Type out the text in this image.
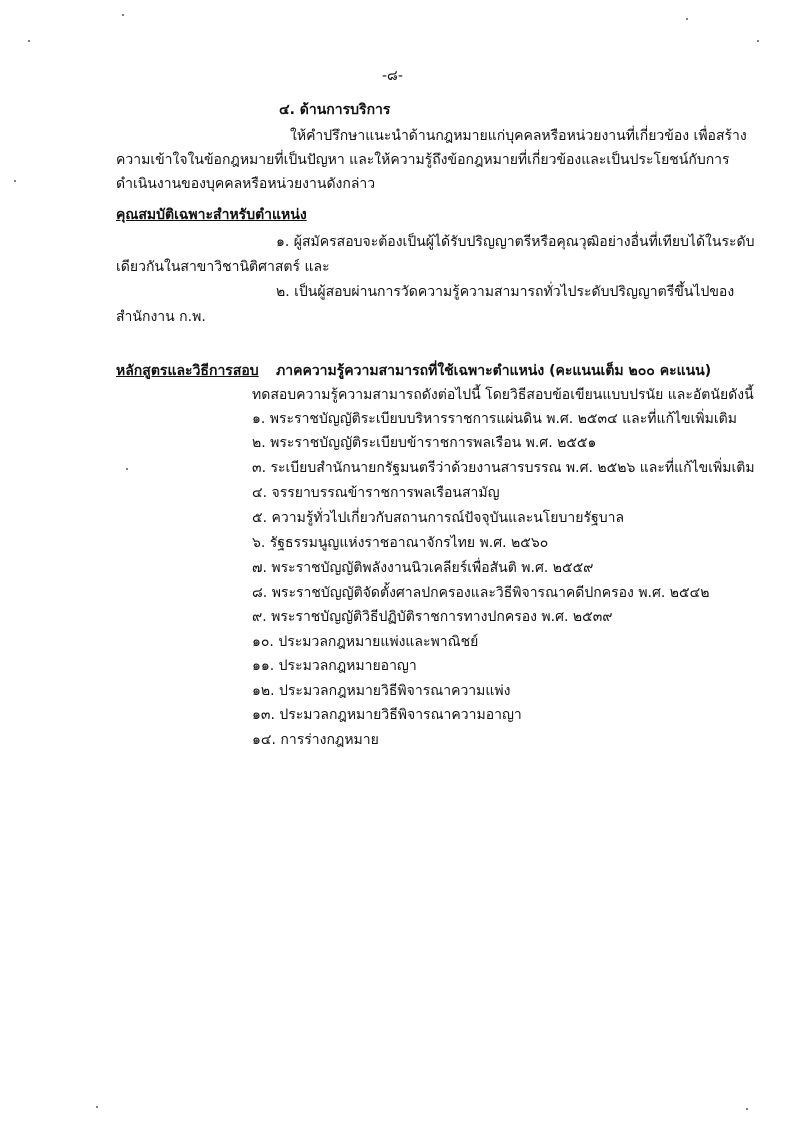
-๘-
๔. ด้านการบริการ
ให้คำปรึกษาแนะนำด้านกฎหมายแก่บุคคลหรือหน่วยงานที่เกี่ยวข้อง เพื่อสร้าง
ความเข้าใจในข้อกฎหมายที่เป็นปัญหา และให้ความรู้ถึงข้อกฎหมายที่เกี่ยวข้องและเป็นประโยชน์กับการ
ดำเนินงานของบุคคลหรือหน่วยงานดังกล่าว
คุณสมบัติเฉพาะสำหรับตำแหน่ง
๑. ผู้สมัครสอบจะต้องเป็นผู้ได้รับปริญญาตรีหรือคุณวุฒิอย่างอื่นที่เทียบได้ในระดับ
เดียวกันในสาขาวิชานิติศาสตร์ และ
๒. เป็นผู้สอบผ่านการวัดความรู้ความสามารถทั่วไประดับปริญญาตรีขึ้นไปของ
สำนักงาน ก.พ.
หลักสูตรและวิธีการสอบ ภาคความรู้ความสามารถที่ใช้เฉพาะตำแหน่ง (คะแนนเต็ม ๒๐๐ คะแนน)
ทดสอบความรู้ความสามารถดังต่อไปนี้ โดยวิธีสอบข้อเขียนแบบปรนัย และอัตนัยดังนี้
๑. พระราชบัญญัติระเบียบบริหารราชการแผ่นดิน พ.ศ. ๒๕๓๔ และที่แก้ไขเพิ่มเติม
๒. พระราชบัญญัติระเบียบข้าราชการพลเรือน พ.ศ. ๒๕๕๑
๓. ระเบียบสำนักนายกรัฐมนตรีว่าด้วยงานสารบรรณ พ.ศ. ๒๕๒๖ และที่แก้ไขเพิ่มเติม
๔. จรรยาบรรณข้าราชการพลเรือนสามัญ
๕. ความรู้ทั่วไปเกี่ยวกับสถานการณ์ปัจจุบันและนโยบายรัฐบาล
๖. รัฐธรรมนูญแห่งราชอาณาจักรไทย พ.ศ. ๒๕๖๐
๗. พระราชบัญญัติพลังงานนิวเคลียร์เพื่อสันติ พ.ศ. ๒๕๕๙
๘. พระราชบัญญัติจัดตั้งศาลปกครองและวิธีพิจารณาคดีปกครอง พ.ศ. ๒๕๔๒
๙. พระราชบัญญัติวิธีปฏิบัติราชการทางปกครอง พ.ศ. ๒๕๓๙
๑๐. ประมวลกฎหมายแพ่งและพาณิชย์
๑๑. ประมวลกฎหมายอาญา
๑๒. ประมวลกฎหมายวิธีพิจารณาความแพ่ง
๑๓. ประมวลกฎหมายวิธีพิจารณาความอาญา
๑๔. การร่างกฎหมาย
